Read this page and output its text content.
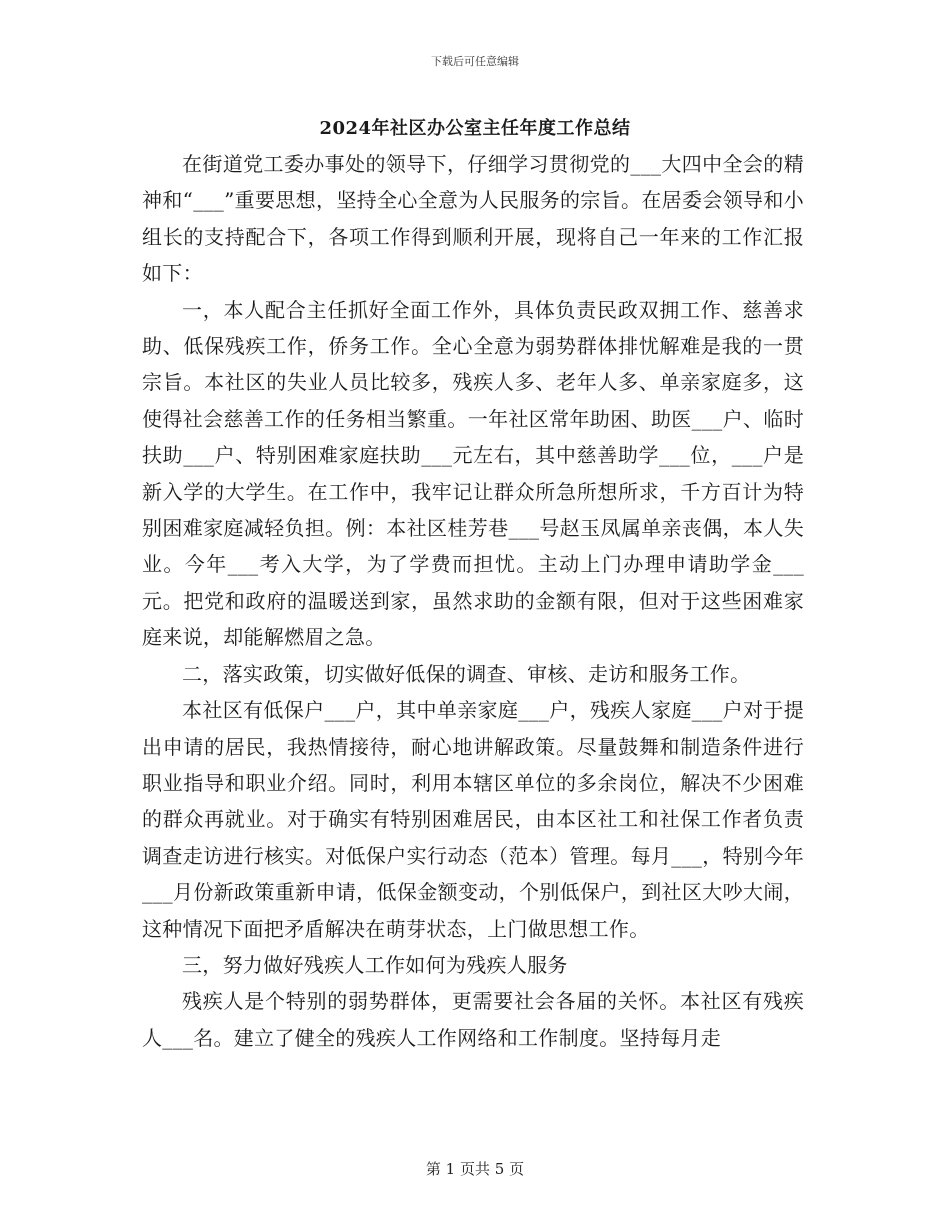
下载后可任意编辑
2024年社区办公室主任年度工作总结

在街道党工委办事处的领导下，仔细学习贯彻党的___大四中全会的精神和“___”重要思想，坚持全心全意为人民服务的宗旨。在居委会领导和小组长的支持配合下，各项工作得到顺利开展，现将自己一年来的工作汇报如下：

一，本人配合主任抓好全面工作外，具体负责民政双拥工作、慈善求助、低保残疾工作，侨务工作。全心全意为弱势群体排忧解难是我的一贯宗旨。本社区的失业人员比较多，残疾人多、老年人多、单亲家庭多，这使得社会慈善工作的任务相当繁重。一年社区常年助困、助医___户、临时扶助___户、特别困难家庭扶助___元左右，其中慈善助学___位，___户是新入学的大学生。在工作中，我牢记让群众所急所想所求，千方百计为特别困难家庭减轻负担。例：本社区桂芳巷___号赵玉凤属单亲丧偶，本人失业。今年___考入大学，为了学费而担忧。主动上门办理申请助学金___元。把党和政府的温暖送到家，虽然求助的金额有限，但对于这些困难家庭来说，却能解燃眉之急。

二，落实政策，切实做好低保的调查、审核、走访和服务工作。

本社区有低保户___户，其中单亲家庭___户，残疾人家庭___户对于提出申请的居民，我热情接待，耐心地讲解政策。尽量鼓舞和制造条件进行职业指导和职业介绍。同时，利用本辖区单位的多余岗位，解决不少困难的群众再就业。对于确实有特别困难居民，由本区社工和社保工作者负责调查走访进行核实。对低保户实行动态（范本）管理。每月___，特别今年___月份新政策重新申请，低保金额变动，个别低保户，到社区大吵大闹，这种情况下面把矛盾解决在萌芽状态，上门做思想工作。

三，努力做好残疾人工作如何为残疾人服务

残疾人是个特别的弱势群体，更需要社会各届的关怀。本社区有残疾人___名。建立了健全的残疾人工作网络和工作制度。坚持每月走

第 1 页共 5 页
